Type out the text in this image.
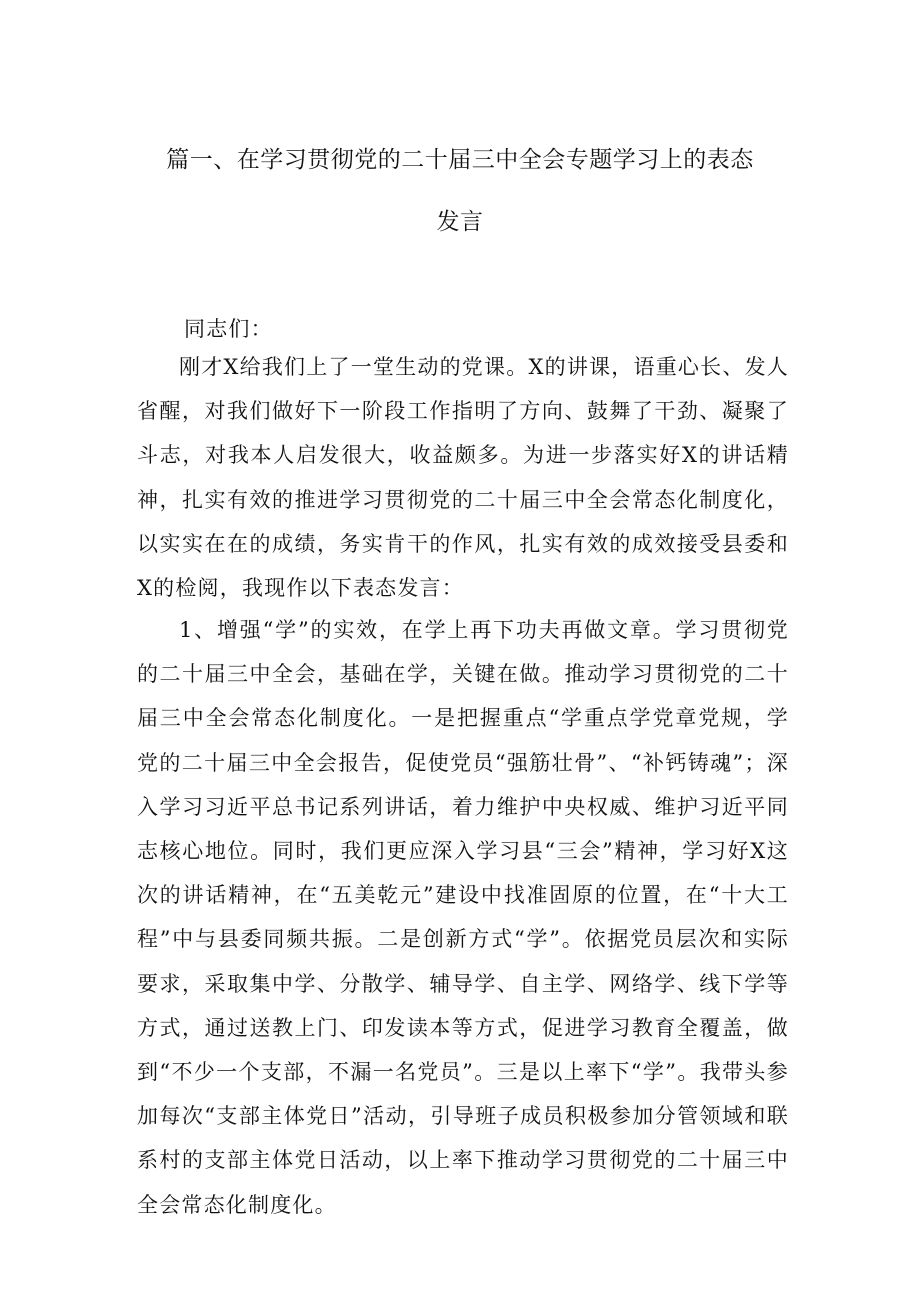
篇一、在学习贯彻党的二十届三中全会专题学习上的表态
发言
同志们：
刚才X给我们上了一堂生动的党课。X的讲课，语重心长、发人省醒，对我们做好下一阶段工作指明了方向、鼓舞了干劲、凝聚了斗志，对我本人启发很大，收益颇多。为进一步落实好X的讲话精神，扎实有效的推进学习贯彻党的二十届三中全会常态化制度化，以实实在在的成绩，务实肯干的作风，扎实有效的成效接受县委和X的检阅，我现作以下表态发言：
1、增强“学”的实效，在学上再下功夫再做文章。学习贯彻党的二十届三中全会，基础在学，关键在做。推动学习贯彻党的二十届三中全会常态化制度化。一是把握重点“学重点学党章党规，学党的二十届三中全会报告，促使党员“强筋壮骨”、“补钙铸魂”；深入学习习近平总书记系列讲话，着力维护中央权威、维护习近平同志核心地位。同时，我们更应深入学习县“三会”精神，学习好X这次的讲话精神，在“五美乾元”建设中找准固原的位置，在“十大工程”中与县委同频共振。二是创新方式“学”。依据党员层次和实际要求，采取集中学、分散学、辅导学、自主学、网络学、线下学等方式，通过送教上门、印发读本等方式，促进学习教育全覆盖，做到“不少一个支部，不漏一名党员”。三是以上率下“学”。我带头参加每次“支部主体党日”活动，引导班子成员积极参加分管领域和联系村的支部主体党日活动，以上率下推动学习贯彻党的二十届三中全会常态化制度化。
